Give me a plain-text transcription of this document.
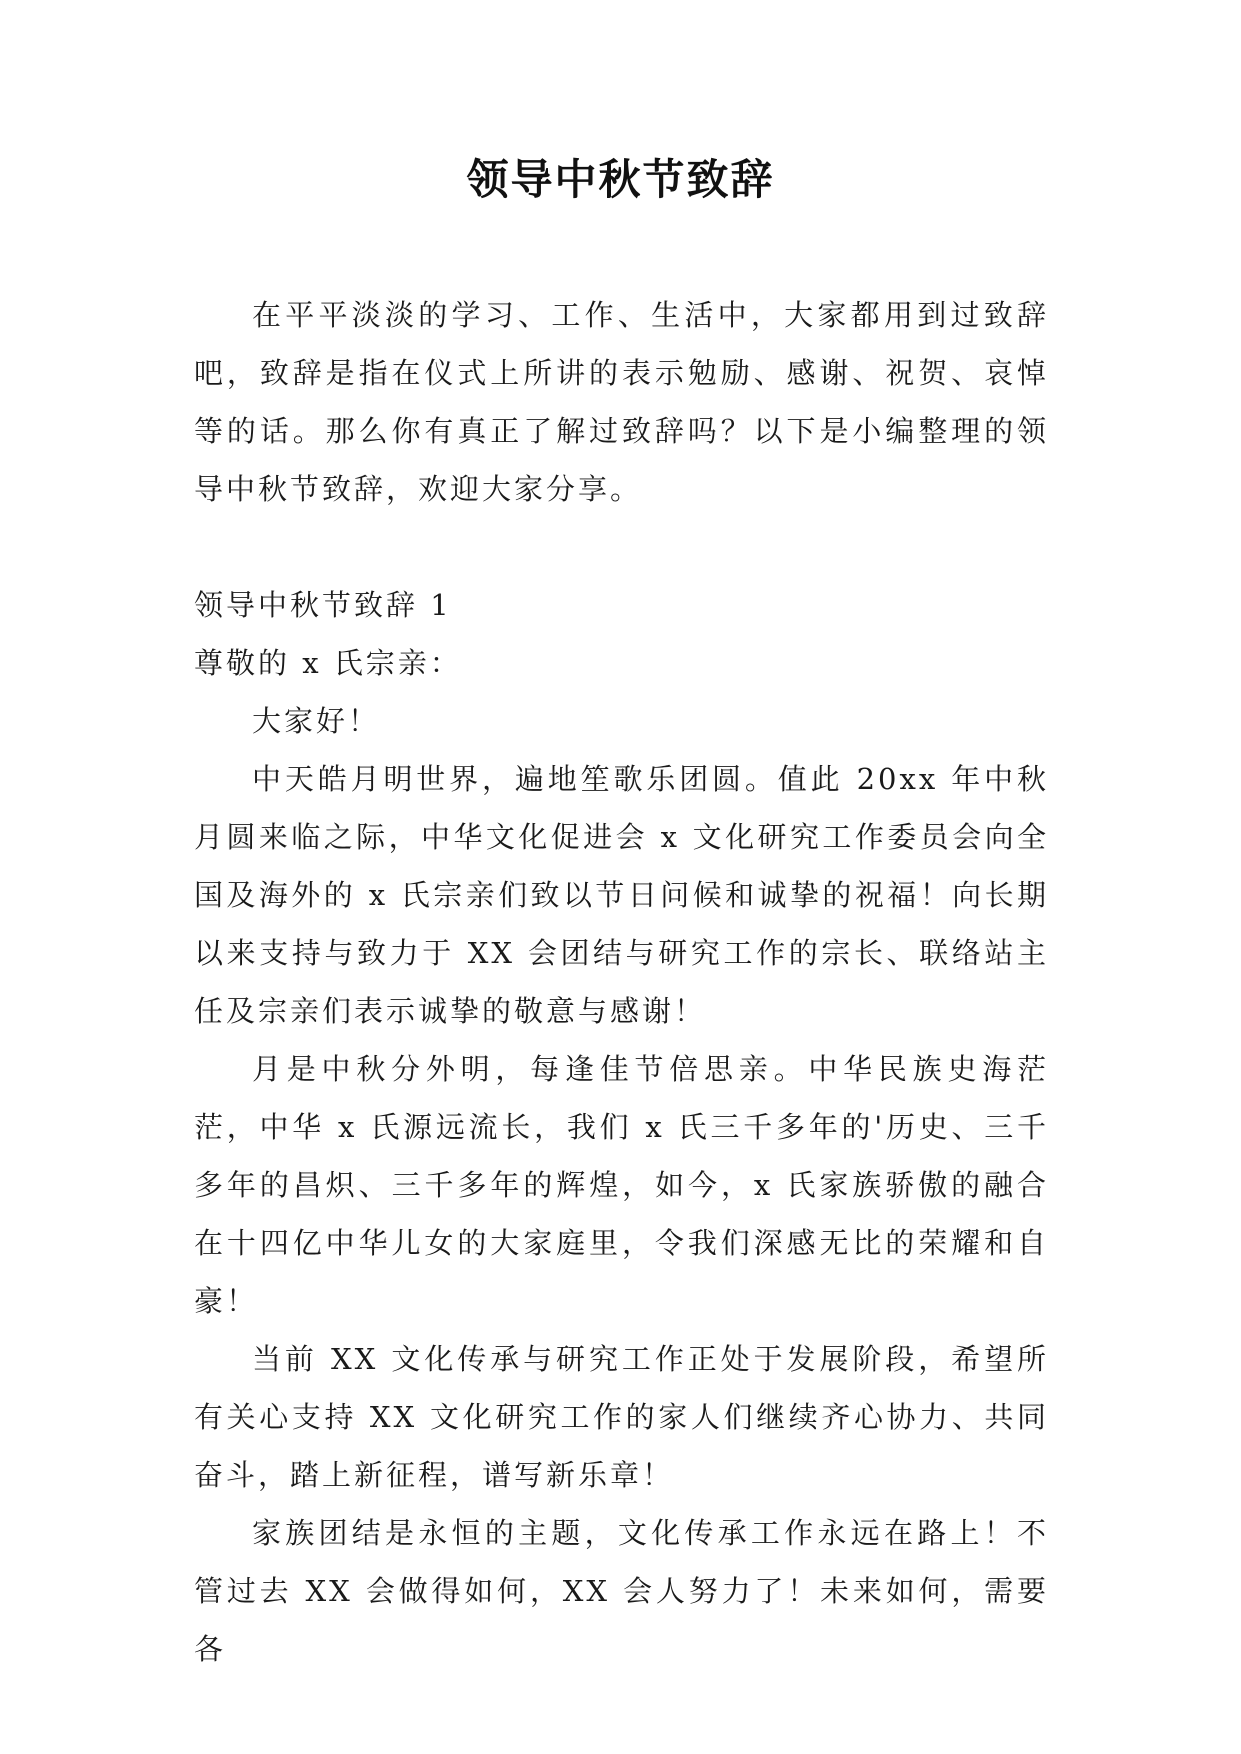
领导中秋节致辞

在平平淡淡的学习、工作、生活中，大家都用到过致辞吧，致辞是指在仪式上所讲的表示勉励、感谢、祝贺、哀悼等的话。那么你有真正了解过致辞吗？以下是小编整理的领导中秋节致辞，欢迎大家分享。

领导中秋节致辞 1

尊敬的 x 氏宗亲：

大家好！

中天皓月明世界，遍地笙歌乐团圆。值此 20xx 年中秋月圆来临之际，中华文化促进会 x 文化研究工作委员会向全国及海外的 x 氏宗亲们致以节日问候和诚挚的祝福！向长期以来支持与致力于 XX 会团结与研究工作的宗长、联络站主任及宗亲们表示诚挚的敬意与感谢！

月是中秋分外明，每逢佳节倍思亲。中华民族史海茫茫，中华 x 氏源远流长，我们 x 氏三千多年的'历史、三千多年的昌炽、三千多年的辉煌，如今，x 氏家族骄傲的融合在十四亿中华儿女的大家庭里，令我们深感无比的荣耀和自豪！

当前 XX 文化传承与研究工作正处于发展阶段，希望所有关心支持 XX 文化研究工作的家人们继续齐心协力、共同奋斗，踏上新征程，谱写新乐章！

家族团结是永恒的主题，文化传承工作永远在路上！不管过去 XX 会做得如何，XX 会人努力了！未来如何，需要各
